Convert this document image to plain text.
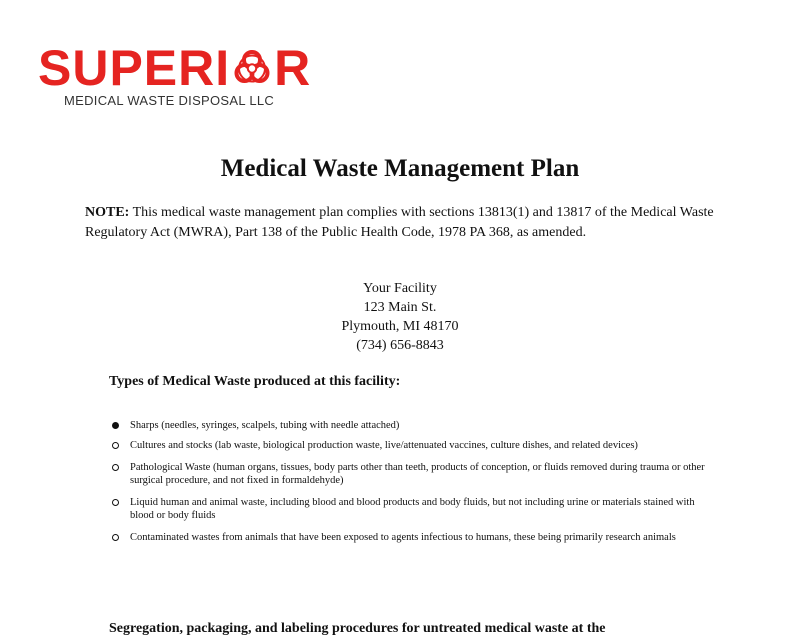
SUPERI R
MEDICAL WASTE DISPOSAL LLC
Medical Waste Management Plan

NOTE: This medical waste management plan complies with sections 13813(1) and 13817 of the Medical Waste Regulatory Act (MWRA), Part 138 of the Public Health Code, 1978 PA 368, as amended.

Your Facility
123 Main St.
Plymouth, MI 48170
(734) 656-8843
Types of Medical Waste produced at this facility:
Sharps (needles, syringes, scalpels, tubing with needle attached)
Cultures and stocks (lab waste, biological production waste, live/attenuated vaccines, culture dishes, and related devices)
Pathological Waste (human organs, tissues, body parts other than teeth, products of conception, or fluids removed during trauma or other surgical procedure, and not fixed in formaldehyde)
Liquid human and animal waste, including blood and blood products and body fluids, but not including urine or materials stained with blood or body fluids
Contaminated wastes from animals that have been exposed to agents infectious to humans, these being primarily research animals
Segregation, packaging, and labeling procedures for untreated medical waste at the
